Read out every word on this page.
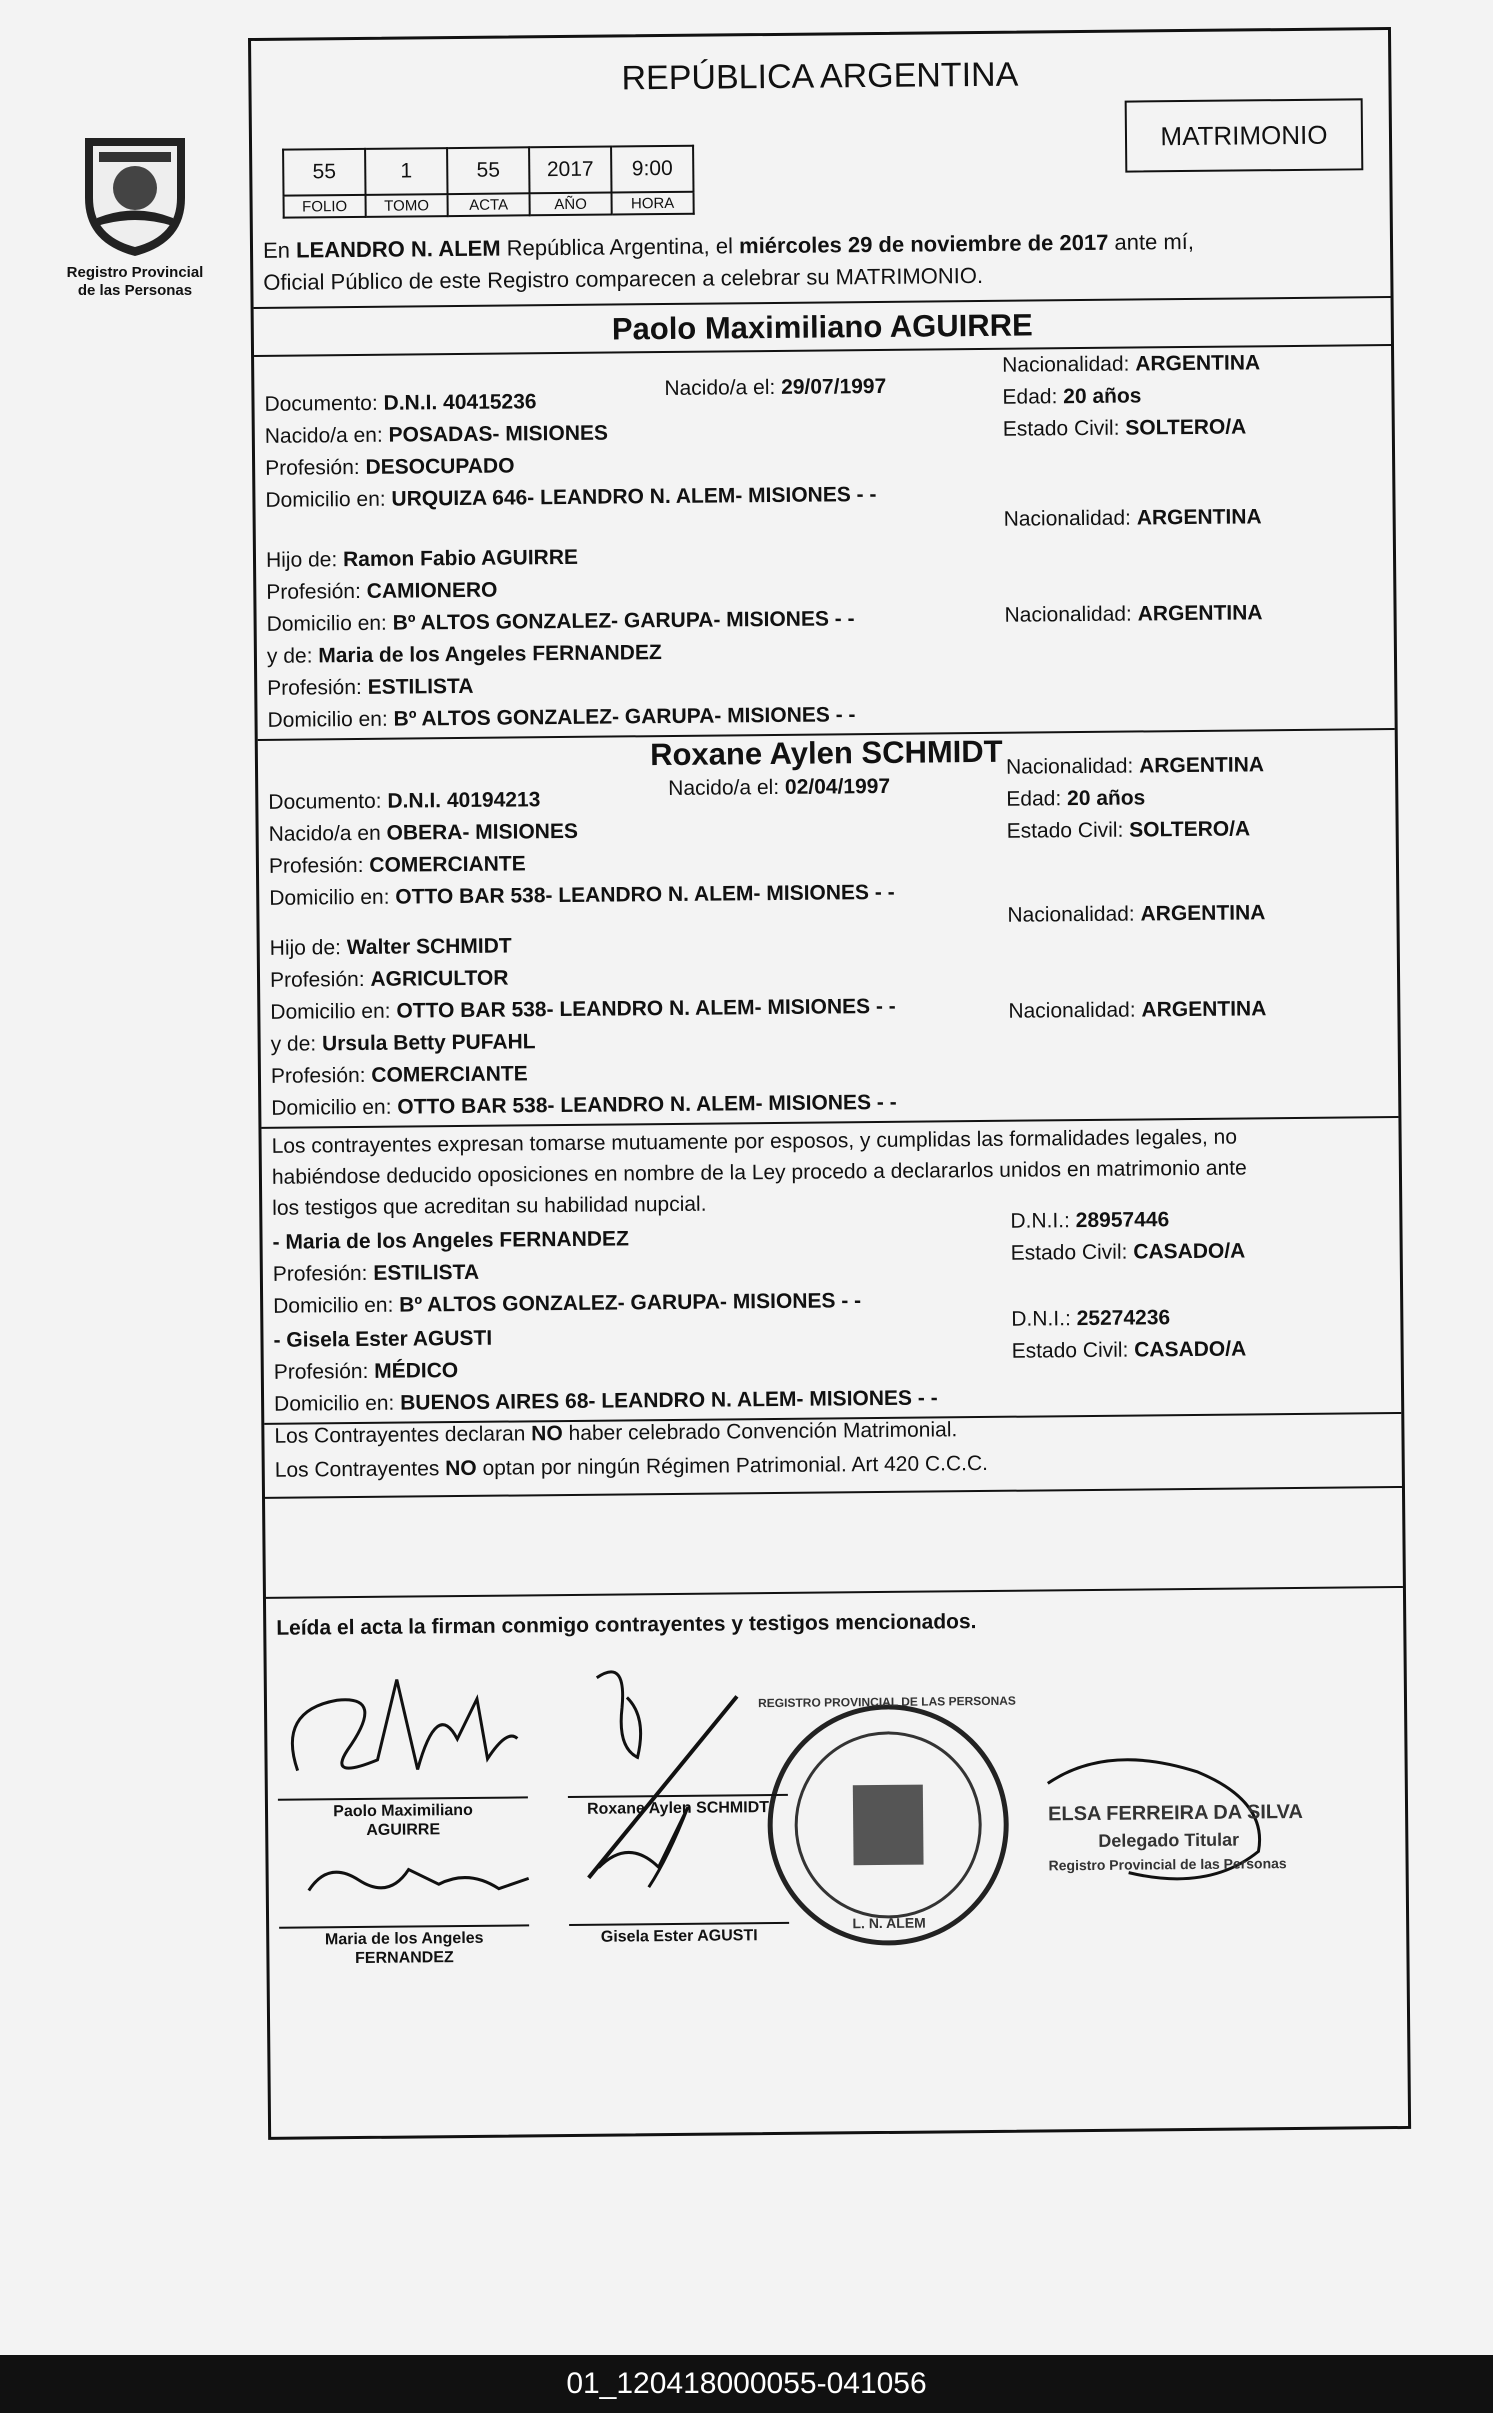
Registro Provincial
de las Personas
REPÚBLICA ARGENTINA
MATRIMONIO
55	1	55	2017	9:00
FOLIO	TOMO	ACTA	AÑO	HORA
En LEANDRO N. ALEM República Argentina, el miércoles 29 de noviembre de 2017 ante mí,
Oficial Público de este Registro comparecen a celebrar su MATRIMONIO.
Paolo Maximiliano AGUIRRE
Documento: D.N.I. 40415236
Nacido/a el: 29/07/1997
Nacionalidad: ARGENTINA
Edad: 20 años
Nacido/a en: POSADAS- MISIONES	Estado Civil: SOLTERO/A
Profesión: DESOCUPADO
Domicilio en: URQUIZA 646- LEANDRO N. ALEM- MISIONES - -
Hijo de: Ramon Fabio AGUIRRE
Nacionalidad: ARGENTINA
Profesión: CAMIONERO
Domicilio en: Bº ALTOS GONZALEZ- GARUPA- MISIONES - -
y de: Maria de los Angeles FERNANDEZ
Nacionalidad: ARGENTINA
Profesión: ESTILISTA
Domicilio en: Bº ALTOS GONZALEZ- GARUPA- MISIONES - -
Roxane Aylen SCHMIDT
Documento: D.N.I. 40194213
Nacido/a el: 02/04/1997
Nacionalidad: ARGENTINA
Edad: 20 años
Nacido/a en OBERA- MISIONES	Estado Civil: SOLTERO/A
Profesión: COMERCIANTE
Domicilio en: OTTO BAR 538- LEANDRO N. ALEM- MISIONES - -
Hijo de: Walter SCHMIDT
Nacionalidad: ARGENTINA
Profesión: AGRICULTOR
Domicilio en: OTTO BAR 538- LEANDRO N. ALEM- MISIONES - -
y de: Ursula Betty PUFAHL
Nacionalidad: ARGENTINA
Profesión: COMERCIANTE
Domicilio en: OTTO BAR 538- LEANDRO N. ALEM- MISIONES - -
Los contrayentes expresan tomarse mutuamente por esposos, y cumplidas las formalidades legales, no
habiéndose deducido oposiciones en nombre de la Ley procedo a declararlos unidos en matrimonio ante
los testigos que acreditan su habilidad nupcial.
- Maria de los Angeles FERNANDEZ
D.N.I.: 28957446
Estado Civil: CASADO/A
Profesión: ESTILISTA
Domicilio en: Bº ALTOS GONZALEZ- GARUPA- MISIONES - -
- Gisela Ester AGUSTI
D.N.I.: 25274236
Estado Civil: CASADO/A
Profesión: MÉDICO
Domicilio en: BUENOS AIRES 68- LEANDRO N. ALEM- MISIONES - -
Los Contrayentes declaran NO haber celebrado Convención Matrimonial.
Los Contrayentes NO optan por ningún Régimen Patrimonial. Art 420 C.C.C.
Leída el acta la firman conmigo contrayentes y testigos mencionados.
Paolo Maximiliano
AGUIRRE
Roxane Aylen SCHMIDT
Maria de los Angeles
FERNANDEZ
Gisela Ester AGUSTI
REGISTRO PROVINCIAL DE LAS PERSONAS
L. N. ALEM
ELSA FERREIRA DA SILVA
Delegado Titular
Registro Provincial de las Personas
01_120418000055-041056
